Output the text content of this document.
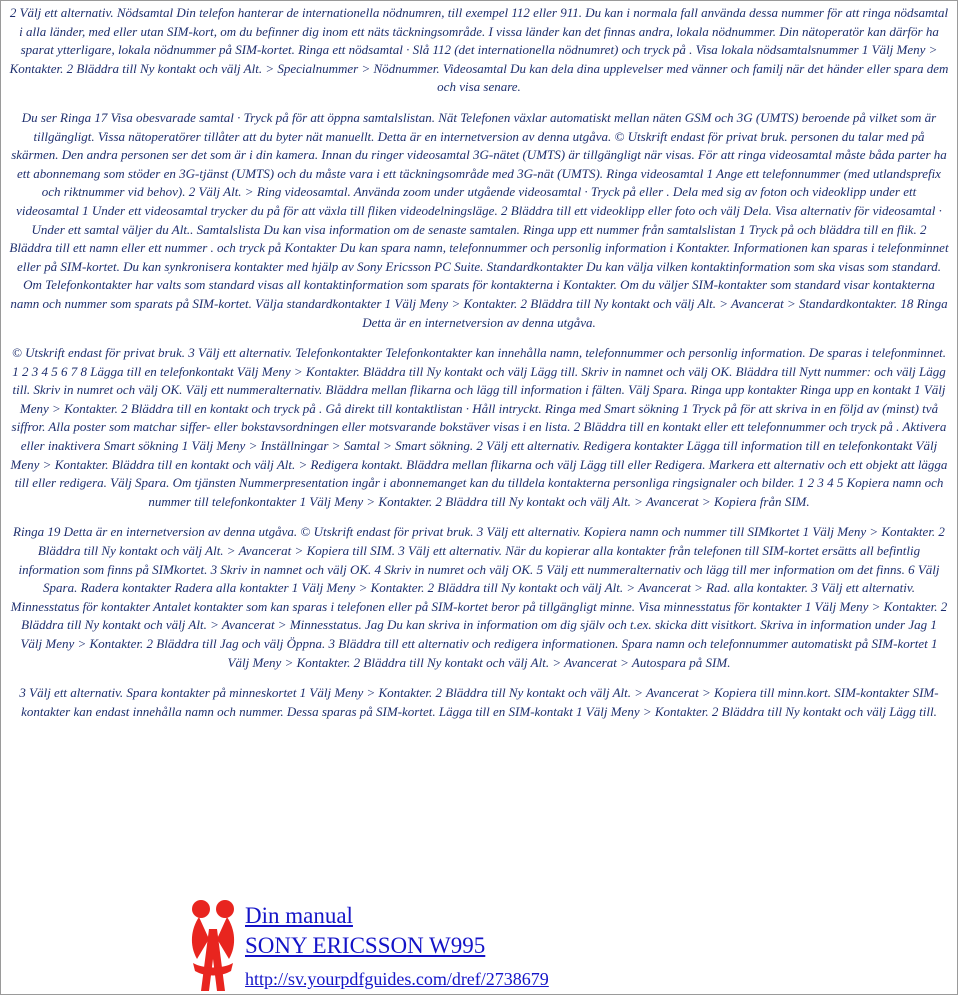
2 Välj ett alternativ. Nödsamtal Din telefon hanterar de internationella nödnumren, till exempel 112 eller 911. Du kan i normala fall använda dessa nummer för att ringa nödsamtal i alla länder, med eller utan SIM-kort, om du befinner dig inom ett näts täckningsområde. I vissa länder kan det finnas andra, lokala nödnummer. Din nätoperatör kan därför ha sparat ytterligare, lokala nödnummer på SIM-kortet. Ringa ett nödsamtal · Slå 112 (det internationella nödnumret) och tryck på . Visa lokala nödsamtalsnummer 1 Välj Meny > Kontakter. 2 Bläddra till Ny kontakt och välj Alt. > Specialnummer > Nödnummer. Videosamtal Du kan dela dina upplevelser med vänner och familj när det händer eller spara dem och visa senare.

Du ser Ringa 17 Visa obesvarade samtal · Tryck på för att öppna samtalslistan. Nät Telefonen växlar automatiskt mellan näten GSM och 3G (UMTS) beroende på vilket som är tillgängligt. Vissa nätoperatörer tillåter att du byter nät manuellt. Detta är en internetversion av denna utgåva. © Utskrift endast för privat bruk. personen du talar med på skärmen. Den andra personen ser det som är i din kamera. Innan du ringer videosamtal 3G-nätet (UMTS) är tillgängligt när visas. För att ringa videosamtal måste båda parter ha ett abonnemang som stöder en 3G-tjänst (UMTS) och du måste vara i ett täckningsområde med 3G-nät (UMTS). Ringa videosamtal 1 Ange ett telefonnummer (med utlandsprefix och riktnummer vid behov). 2 Välj Alt. > Ring videosamtal. Använda zoom under utgående videosamtal · Tryck på eller . Dela med sig av foton och videoklipp under ett videosamtal 1 Under ett videosamtal trycker du på för att växla till fliken videodelningsläge. 2 Bläddra till ett videoklipp eller foto och välj Dela. Visa alternativ för videosamtal · Under ett samtal väljer du Alt.. Samtalslista Du kan visa information om de senaste samtalen. Ringa upp ett nummer från samtalslistan 1 Tryck på och bläddra till en flik. 2 Bläddra till ett namn eller ett nummer . och tryck på Kontakter Du kan spara namn, telefonnummer och personlig information i Kontakter. Informationen kan sparas i telefonminnet eller på SIM-kortet. Du kan synkronisera kontakter med hjälp av Sony Ericsson PC Suite. Standardkontakter Du kan välja vilken kontaktinformation som ska visas som standard. Om Telefonkontakter har valts som standard visas all kontaktinformation som sparats för kontakterna i Kontakter. Om du väljer SIM-kontakter som standard visar kontakterna namn och nummer som sparats på SIM-kortet. Välja standardkontakter 1 Välj Meny > Kontakter. 2 Bläddra till Ny kontakt och välj Alt. > Avancerat > Standardkontakter. 18 Ringa Detta är en internetversion av denna utgåva.

© Utskrift endast för privat bruk. 3 Välj ett alternativ. Telefonkontakter Telefonkontakter kan innehålla namn, telefonnummer och personlig information. De sparas i telefonminnet. 1 2 3 4 5 6 7 8 Lägga till en telefonkontakt Välj Meny > Kontakter. Bläddra till Ny kontakt och välj Lägg till. Skriv in namnet och välj OK. Bläddra till Nytt nummer: och välj Lägg till. Skriv in numret och välj OK. Välj ett nummeralternativ. Bläddra mellan flikarna och lägg till information i fälten. Välj Spara. Ringa upp kontakter Ringa upp en kontakt 1 Välj Meny > Kontakter. 2 Bläddra till en kontakt och tryck på . Gå direkt till kontaktlistan · Håll intryckt. Ringa med Smart sökning 1 Tryck på för att skriva in en följd av (minst) två siffror. Alla poster som matchar siffer- eller bokstavsordningen eller motsvarande bokstäver visas i en lista. 2 Bläddra till en kontakt eller ett telefonnummer och tryck på . Aktivera eller inaktivera Smart sökning 1 Välj Meny > Inställningar > Samtal > Smart sökning. 2 Välj ett alternativ. Redigera kontakter Lägga till information till en telefonkontakt Välj Meny > Kontakter. Bläddra till en kontakt och välj Alt. > Redigera kontakt. Bläddra mellan flikarna och välj Lägg till eller Redigera. Markera ett alternativ och ett objekt att lägga till eller redigera. Välj Spara. Om tjänsten Nummerpresentation ingår i abonnemanget kan du tilldela kontakterna personliga ringsignaler och bilder. 1 2 3 4 5 Kopiera namn och nummer till telefonkontakter 1 Välj Meny > Kontakter. 2 Bläddra till Ny kontakt och välj Alt. > Avancerat > Kopiera från SIM.

Ringa 19 Detta är en internetversion av denna utgåva. © Utskrift endast för privat bruk. 3 Välj ett alternativ. Kopiera namn och nummer till SIMkortet 1 Välj Meny > Kontakter. 2 Bläddra till Ny kontakt och välj Alt. > Avancerat > Kopiera till SIM. 3 Välj ett alternativ. När du kopierar alla kontakter från telefonen till SIM-kortet ersätts all befintlig information som finns på SIMkortet. 3 Skriv in namnet och välj OK. 4 Skriv in numret och välj OK. 5 Välj ett nummeralternativ och lägg till mer information om det finns. 6 Välj Spara. Radera kontakter Radera alla kontakter 1 Välj Meny > Kontakter. 2 Bläddra till Ny kontakt och välj Alt. > Avancerat > Rad. alla kontakter. 3 Välj ett alternativ. Minnesstatus för kontakter Antalet kontakter som kan sparas i telefonen eller på SIM-kortet beror på tillgängligt minne. Visa minnesstatus för kontakter 1 Välj Meny > Kontakter. 2 Bläddra till Ny kontakt och välj Alt. > Avancerat > Minnesstatus. Jag Du kan skriva in information om dig själv och t.ex. skicka ditt visitkort. Skriva in information under Jag 1 Välj Meny > Kontakter. 2 Bläddra till Jag och välj Öppna. 3 Bläddra till ett alternativ och redigera informationen. Spara namn och telefonnummer automatiskt på SIM-kortet 1 Välj Meny > Kontakter. 2 Bläddra till Ny kontakt och välj Alt. > Avancerat > Autospara på SIM.

3 Välj ett alternativ. Spara kontakter på minneskortet 1 Välj Meny > Kontakter. 2 Bläddra till Ny kontakt och välj Alt. > Avancerat > Kopiera till minn.kort. SIM-kontakter SIM-kontakter kan endast innehålla namn och nummer. Dessa sparas på SIM-kortet. Lägga till en SIM-kontakt 1 Välj Meny > Kontakter. 2 Bläddra till Ny kontakt och välj Lägg till.

Din manual
SONY ERICSSON W995
http://sv.yourpdfguides.com/dref/2738679
